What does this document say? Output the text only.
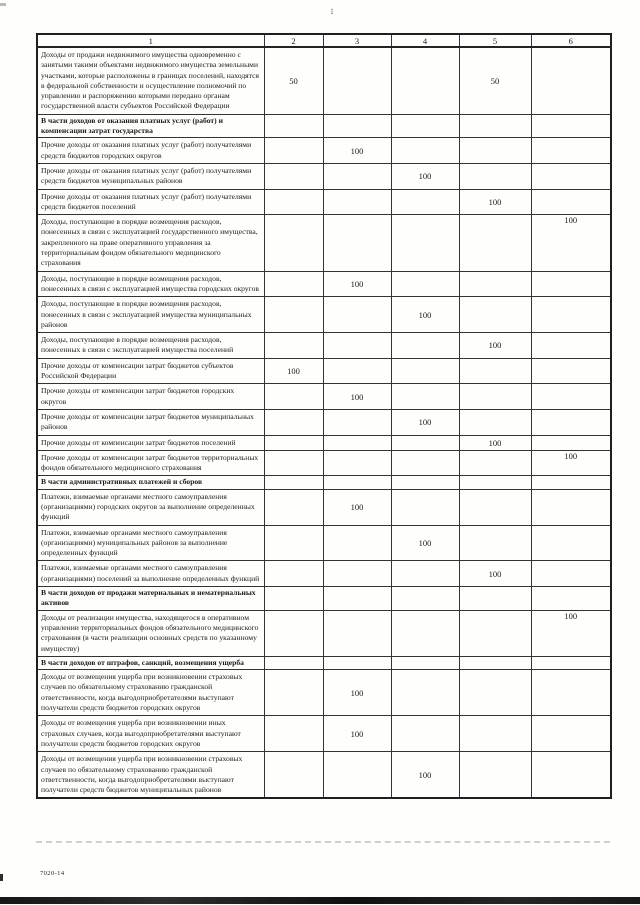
1
1	2	3	4	5	6
Доходы от продажи недвижимого имущества одновременно с занятыми такими объектами недвижимого имущества земельными участками, которые расположены в границах поселений, находятся в федеральной собственности и осуществление полномочий по управлению и распоряжению которыми передано органам государственной власти субъектов Российской Федерации	50			50	
В части доходов от оказания платных услуг (работ) и компенсации затрат государства					
Прочие доходы от оказания платных услуг (работ) получателями средств бюджетов городских округов		100			
Прочие доходы от оказания платных услуг (работ) получателями средств бюджетов муниципальных районов			100		
Прочие доходы от оказания платных услуг (работ) получателями средств бюджетов поселений				100	
Доходы, поступающие в порядке возмещения расходов, понесенных в связи с эксплуатацией государственного имущества, закрепленного на праве оперативного управления за территориальным фондом обязательного медицинского страхования					100
Доходы, поступающие в порядке возмещения расходов, понесенных в связи с эксплуатацией имущества городских округов		100			
Доходы, поступающие в порядке возмещения расходов, понесенных в связи с эксплуатацией имущества муниципальных районов			100		
Доходы, поступающие в порядке возмещения расходов, понесенных в связи с эксплуатацией имущества поселений				100	
Прочие доходы от компенсации затрат бюджетов субъектов Российской Федерации	100				
Прочие доходы от компенсации затрат бюджетов городских округов		100			
Прочие доходы от компенсации затрат бюджетов муниципальных районов			100		
Прочие доходы от компенсации затрат бюджетов поселений				100	
Прочие доходы от компенсации затрат бюджетов территориальных фондов обязательного медицинского страхования					100
В части административных платежей и сборов					
Платежи, взимаемые органами местного самоуправления (организациями) городских округов за выполнение определенных функций		100			
Платежи, взимаемые органами местного самоуправления (организациями) муниципальных районов за выполнение определенных функций			100		
Платежи, взимаемые органами местного самоуправления (организациями) поселений за выполнение определенных функций				100	
В части доходов от продажи материальных и нематериальных активов					
Доходы от реализации имущества, находящегося в оперативном управлении территориальных фондов обязательного медицинского страхования (в части реализации основных средств по указанному имуществу)					100
В части доходов от штрафов, санкций, возмещения ущерба					
Доходы от возмещения ущерба при возникновении страховых случаев по обязательному страхованию гражданской ответственности, когда выгодоприобретателями выступают получатели средств бюджетов городских округов		100			
Доходы от возмещения ущерба при возникновении иных страховых случаев, когда выгодоприобретателями выступают получатели средств бюджетов городских округов		100			
Доходы от возмещения ущерба при возникновении страховых случаев по обязательному страхованию гражданской ответственности, когда выгодоприобретателями выступают получатели средств бюджетов муниципальных районов			100		
7020-14
